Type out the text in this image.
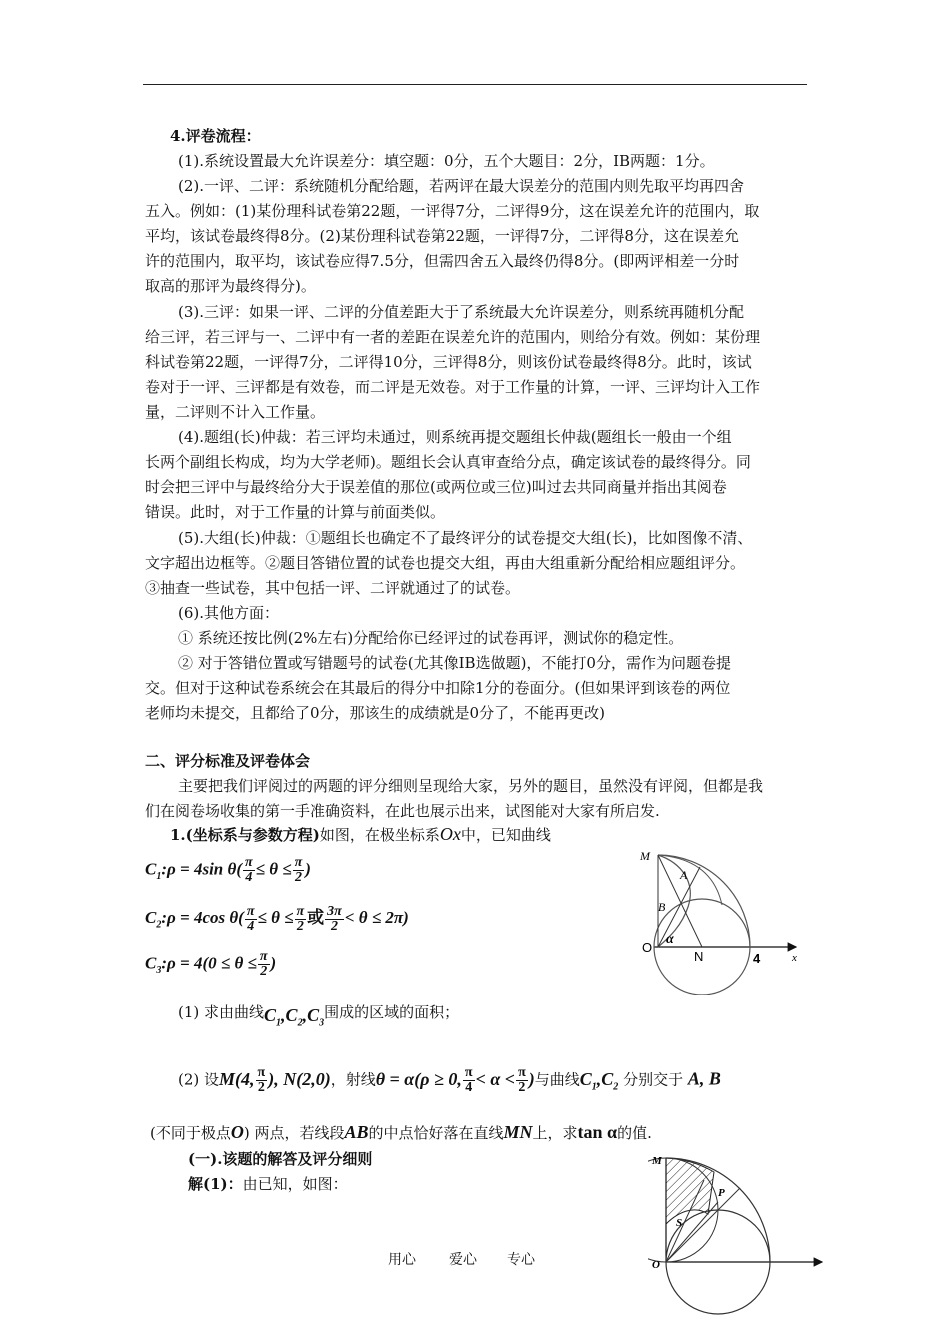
4.评卷流程：
(1).系统设置最大允许误差分：填空题：0分，五个大题目：2分，IB两题：1分。
(2).一评、二评：系统随机分配给题，若两评在最大误差分的范围内则先取平均再四舍
五入。例如：(1)某份理科试卷第22题，一评得7分，二评得9分，这在误差允许的范围内，取
平均，该试卷最终得8分。(2)某份理科试卷第22题，一评得7分，二评得8分，这在误差允
许的范围内，取平均，该试卷应得7.5分，但需四舍五入最终仍得8分。(即两评相差一分时
取高的那评为最终得分)。
(3).三评：如果一评、二评的分值差距大于了系统最大允许误差分，则系统再随机分配
给三评，若三评与一、二评中有一者的差距在误差允许的范围内，则给分有效。例如：某份理
科试卷第22题，一评得7分，二评得10分，三评得8分，则该份试卷最终得8分。此时，该试
卷对于一评、三评都是有效卷，而二评是无效卷。对于工作量的计算，一评、三评均计入工作
量，二评则不计入工作量。
(4).题组(长)仲裁：若三评均未通过，则系统再提交题组长仲裁(题组长一般由一个组
长两个副组长构成，均为大学老师)。题组长会认真审查给分点，确定该试卷的最终得分。同
时会把三评中与最终给分大于误差值的那位(或两位或三位)叫过去共同商量并指出其阅卷
错误。此时，对于工作量的计算与前面类似。
(5).大组(长)仲裁：①题组长也确定不了最终评分的试卷提交大组(长)，比如图像不清、
文字超出边框等。②题目答错位置的试卷也提交大组，再由大组重新分配给相应题组评分。
③抽查一些试卷，其中包括一评、二评就通过了的试卷。
(6).其他方面：
① 系统还按比例(2%左右)分配给你已经评过的试卷再评，测试你的稳定性。
② 对于答错位置或写错题号的试卷(尤其像IB选做题)，不能打0分，需作为问题卷提
交。但对于这种试卷系统会在其最后的得分中扣除1分的卷面分。(但如果评到该卷的两位
老师均未提交，且都给了0分，那该生的成绩就是0分了，不能再更改)
二、评分标准及评卷体会
主要把我们评阅过的两题的评分细则呈现给大家，另外的题目，虽然没有评阅，但都是我
们在阅卷场收集的第一手准确资料，在此也展示出来，试图能对大家有所启发.
1.(坐标系与参数方程)如图，在极坐标系Ox中，已知曲线
$C_1:\rho = 4\sin$ $\theta( \frac{\pi}{4} \le \theta \le \frac{\pi}{2}$ )
$C_2:\rho = 4\cos$ $\theta( \frac{\pi}{4} \le \theta \le \frac{\pi}{2}$ 或 $\frac{3\pi}{2} < \theta \le 2\pi$)
$C_3:\rho = 4(0 \le \theta \le \frac{\pi}{2}$ )
(1) 求由曲线$C_1,C_2,C_3$围成的区域的面积；
(2) 设M(4, $\frac{\pi}{2}$ ), N(2,0)，射线θ = α(ρ ≥ 0, $\frac{\pi}{4} < \alpha < \frac{\pi}{2}$ )与曲线$C_1,C_2$ 分别交于 A, B
(不同于极点O) 两点，若线段AB的中点恰好落在直线MN上，求tan α的值.
(一).该题的解答及评分细则
解(1)：由已知，如图：
M
A
B
O
α
N	4	x
M
P
S
O
用心 爱心 专心
